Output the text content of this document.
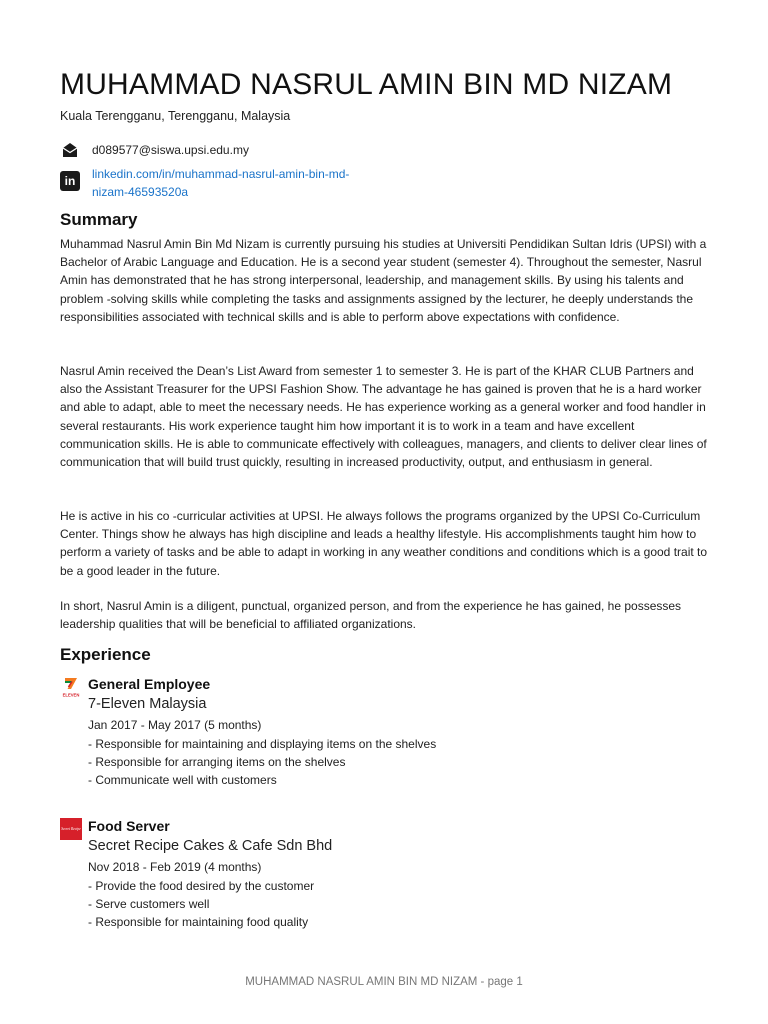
MUHAMMAD NASRUL AMIN BIN MD NIZAM
Kuala Terengganu, Terengganu, Malaysia
d089577@siswa.upsi.edu.my
in	linkedin.com/in/muhammad-nasrul-amin-bin-md-
nizam-46593520a
Summary

Muhammad Nasrul Amin Bin Md Nizam is currently pursuing his studies at Universiti Pendidikan Sultan Idris (UPSI) with a Bachelor of Arabic Language and Education. He is a second year student (semester 4). Throughout the semester, Nasrul Amin has demonstrated that he has strong interpersonal, leadership, and management skills. By using his talents and problem -solving skills while completing the tasks and assignments assigned by the lecturer, he deeply understands the responsibilities associated with technical skills and is able to perform above expectations with confidence.

Nasrul Amin received the Dean’s List Award from semester 1 to semester 3. He is part of the KHAR CLUB Partners and also the Assistant Treasurer for the UPSI Fashion Show. The advantage he has gained is proven that he is a hard worker and able to adapt, able to meet the necessary needs. He has experience working as a general worker and food handler in several restaurants. His work experience taught him how important it is to work in a team and have excellent communication skills. He is able to communicate effectively with colleagues, managers, and clients to deliver clear lines of communication that will build trust quickly, resulting in increased productivity, output, and enthusiasm in general.

He is active in his co -curricular activities at UPSI. He always follows the programs organized by the UPSI Co-Curriculum Center. Things show he always has high discipline and leads a healthy lifestyle. His accomplishments taught him how to perform a variety of tasks and be able to adapt in working in any weather conditions and conditions which is a good trait to be a good leader in the future.

In short, Nasrul Amin is a diligent, punctual, organized person, and from the experience he has gained, he possesses leadership qualities that will be beneficial to affiliated organizations.

Experience
ELEVEN
General Employee
7-Eleven Malaysia
Jan 2017 - May 2017 (5 months)
- Responsible for maintaining and displaying items on the shelves
- Responsible for arranging items on the shelves
- Communicate well with customers
Secret Recipe Food Server
Secret Recipe Cakes & Cafe Sdn Bhd
Nov 2018 - Feb 2019 (4 months)
- Provide the food desired by the customer
- Serve customers well
- Responsible for maintaining food quality
MUHAMMAD NASRUL AMIN BIN MD NIZAM - page 1
